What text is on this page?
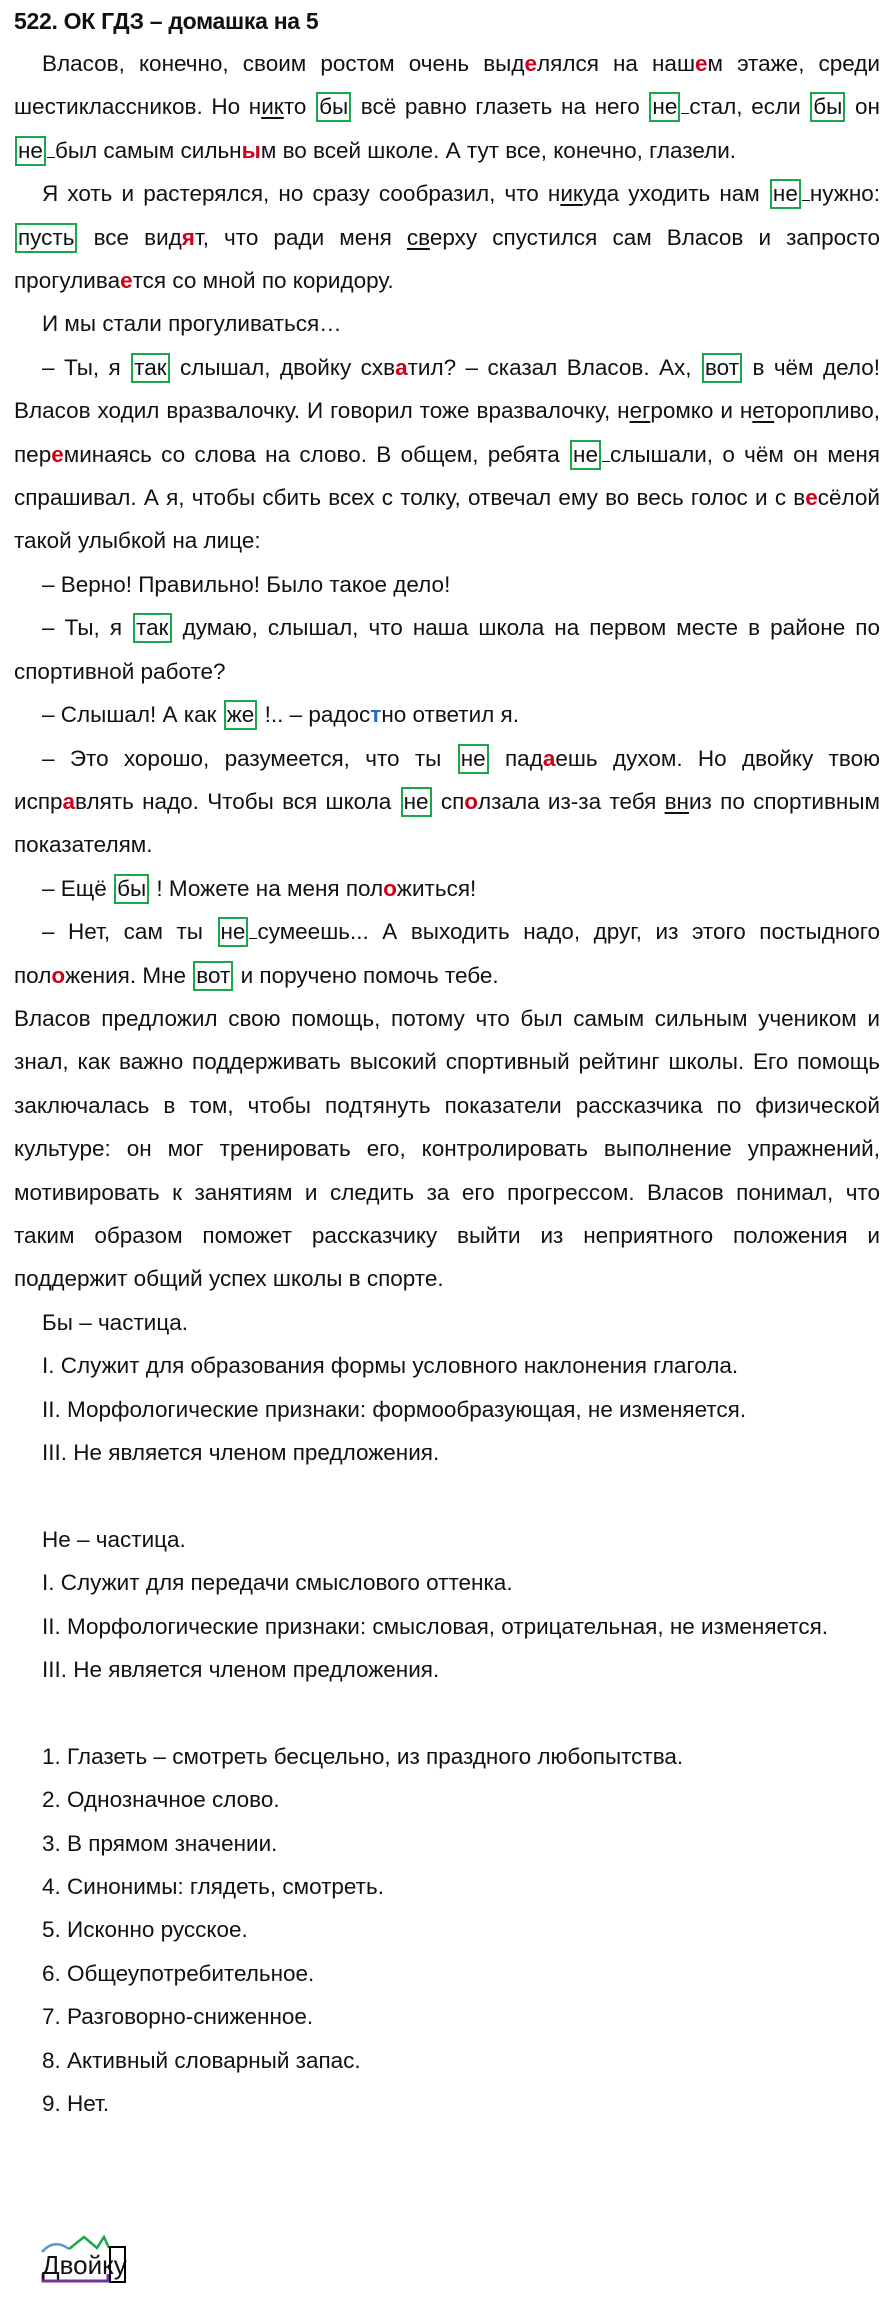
522. ОК ГДЗ – домашка на 5

Власов, конечно, своим ростом очень выделялся на нашем этаже, среди шестиклассников. Но никто бы всё равно глазеть на него не стал, если бы он не был самым сильным во всей школе. А тут все, конечно, глазели.

Я хоть и растерялся, но сразу сообразил, что никуда уходить нам не нужно: пусть все видят, что ради меня сверху спустился сам Власов и запросто прогуливается со мной по коридору.

И мы стали прогуливаться…

– Ты, я так слышал, двойку схватил? – сказал Власов. Ах, вот в чём дело! Власов ходил вразвалочку. И говорил тоже вразвалочку, негромко и неторопливо, переминаясь со слова на слово. В общем, ребята не слышали, о чём он меня спрашивал. А я, чтобы сбить всех с толку, отвечал ему во весь голос и с весёлой такой улыбкой на лице:

– Верно! Правильно! Было такое дело!

– Ты, я так думаю, слышал, что наша школа на первом месте в районе по спортивной работе?

– Слышал! А как же !.. – радостно ответил я.

– Это хорошо, разумеется, что ты не падаешь духом. Но двойку твою исправлять надо. Чтобы вся школа не сползала из-за тебя вниз по спортивным показателям.

– Ещё бы ! Можете на меня положиться!

– Нет, сам ты не сумеешь... А выходить надо, друг, из этого постыдного положения. Мне вот и поручено помочь тебе.

Власов предложил свою помощь, потому что был самым сильным учеником и знал, как важно поддерживать высокий спортивный рейтинг школы. Его помощь заключалась в том, чтобы подтянуть показатели рассказчика по физической культуре: он мог тренировать его, контролировать выполнение упражнений, мотивировать к занятиям и следить за его прогрессом. Власов понимал, что таким образом поможет рассказчику выйти из неприятного положения и поддержит общий успех школы в спорте.

Бы – частица.

I. Служит для образования формы условного наклонения глагола.

II. Морфологические признаки: формообразующая, не изменяется.

III. Не является членом предложения.

Не – частица.

I. Служит для передачи смыслового оттенка.

II. Морфологические признаки: смысловая, отрицательная, не изменяется.

III. Не является членом предложения.

1. Глазеть – смотреть бесцельно, из праздного любопытства.

2. Однозначное слово.

3. В прямом значении.

4. Синонимы: глядеть, смотреть.

5. Исконно русское.

6. Общеупотребительное.

7. Разговорно-сниженное.

8. Активный словарный запас.

9. Нет.

Двойку
